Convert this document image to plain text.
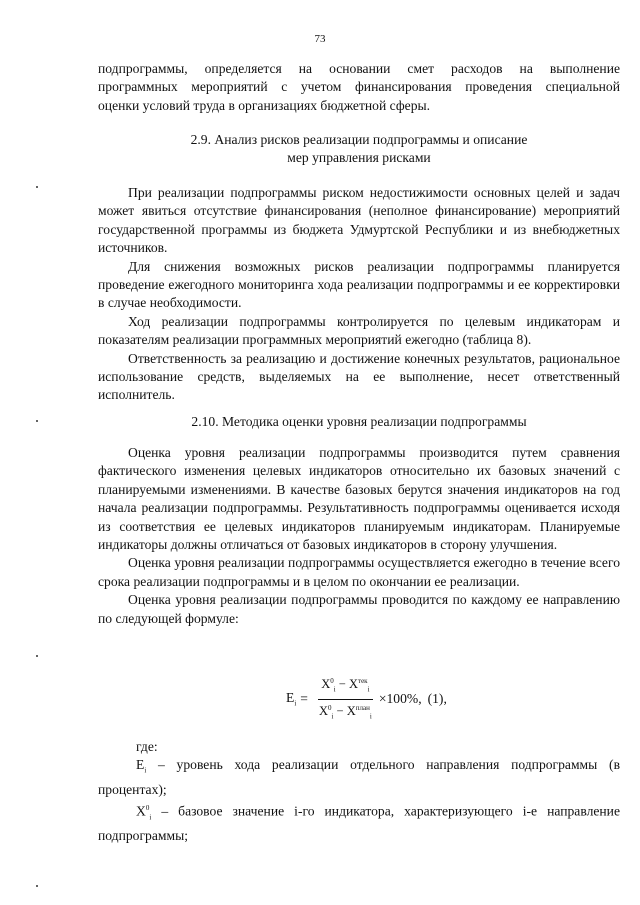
73
подпрограммы, определяется на основании смет расходов на выполнение
программных мероприятий с учетом финансирования проведения специальной
оценки условий труда в организациях бюджетной сферы.
2.9. Анализ рисков реализации подпрограммы и описание
мер управления рисками

При реализации подпрограммы риском недостижимости основных целей и задач может явиться отсутствие финансирования (неполное финансирование) мероприятий государственной программы из бюджета Удмуртской Республики и из внебюджетных источников.

Для снижения возможных рисков реализации подпрограммы планируется проведение ежегодного мониторинга хода реализации подпрограммы и ее корректировки в случае необходимости.

Ход реализации подпрограммы контролируется по целевым индикаторам и показателям реализации программных мероприятий ежегодно (таблица 8).

Ответственность за реализацию и достижение конечных результатов, рациональное использование средств, выделяемых на ее выполнение, несет ответственный исполнитель.

2.10. Методика оценки уровня реализации подпрограммы

Оценка уровня реализации подпрограммы производится путем сравнения фактического изменения целевых индикаторов относительно их базовых значений с планируемыми изменениями. В качестве базовых берутся значения индикаторов на год начала реализации подпрограммы. Результативность подпрограммы оценивается исходя из соответствия ее целевых индикаторов планируемым индикаторам. Планируемые индикаторы должны отличаться от базовых индикаторов в сторону улучшения.

Оценка уровня реализации подпрограммы осуществляется ежегодно в течение всего срока реализации подпрограммы и в целом по окончании ее реализации.

Оценка уровня реализации подпрограммы проводится по каждому ее направлению по следующей формуле:

$E_i = \frac{X^0_i - X^{тек}_i}{X^0_i - X^{план}_i} \times 100\%$, (1),

где:

$E_i$ – уровень хода реализации отдельного направления подпрограммы (в процентах);

$X^0_i$ – базовое значение i-го индикатора, характеризующего i-е направление подпрограммы;
